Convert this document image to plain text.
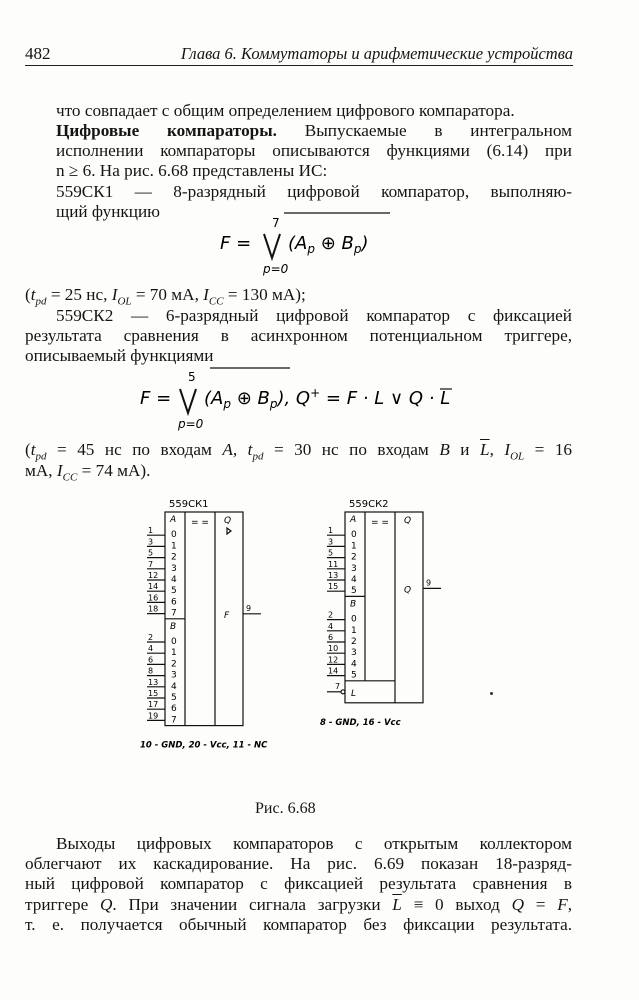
482	Глава 6. Коммутаторы и арифметические устройства
что совпадает с общим определением цифрового компаратора.
Цифровые компараторы. Выпускаемые в интегральном
исполнении компараторы описываются функциями (6.14) при
n ≥ 6. На рис. 6.68 представлены ИС:
559СК1 — 8-разрядный цифровой компаратор, выполняю-
щий функцию
F =
7
p=0
($A_p$ ⊕ $B_p$)
($t_{pd} = 25$ нс, $I_{OL} = 70$ мА, $I_{CC} = 130$ мА);
559СК2 — 6-разрядный цифровой компаратор с фиксацией
результата сравнения в асинхронном потенциальном триггере,
описываемый функциями
F =
5
p=0
($A_p$ ⊕ $B_p$), Q+ = F · L ∨ Q · L
($t_{pd} = 45$ нс по входам A, $t_{pd} = 30$ нс по входам B и $\overline{L}$, $I_{OL} = 16$
мА, $I_{CC} = 74$ мА).
559СК1
A
B
= = Q
1 0
3 1
5 2
7 3
12 4
14 5
16 6
18 7
2 0
4 1
6 2
8 3
13 4
15 5
17 6
19 7
9
F
10 - GND, 20 - Vcc, 11 - NC
559СК2
A
B
= = Q
1 0
3 1
5 2
11 3
13 4
15 5
2 0
4 1
6 2
10 3
12 4
14 5
9
Q
7
L
8 - GND, 16 - Vcc
Рис. 6.68
Выходы цифровых компараторов с открытым коллектором
облегчают их каскадирование. На рис. 6.69 показан 18-разряд-
ный цифровой компаратор с фиксацией результата сравнения в
триггере Q. При значении сигнала загрузки $\overline{L} \equiv 0$ выход Q = F,
т. е. получается обычный компаратор без фиксации результата.
